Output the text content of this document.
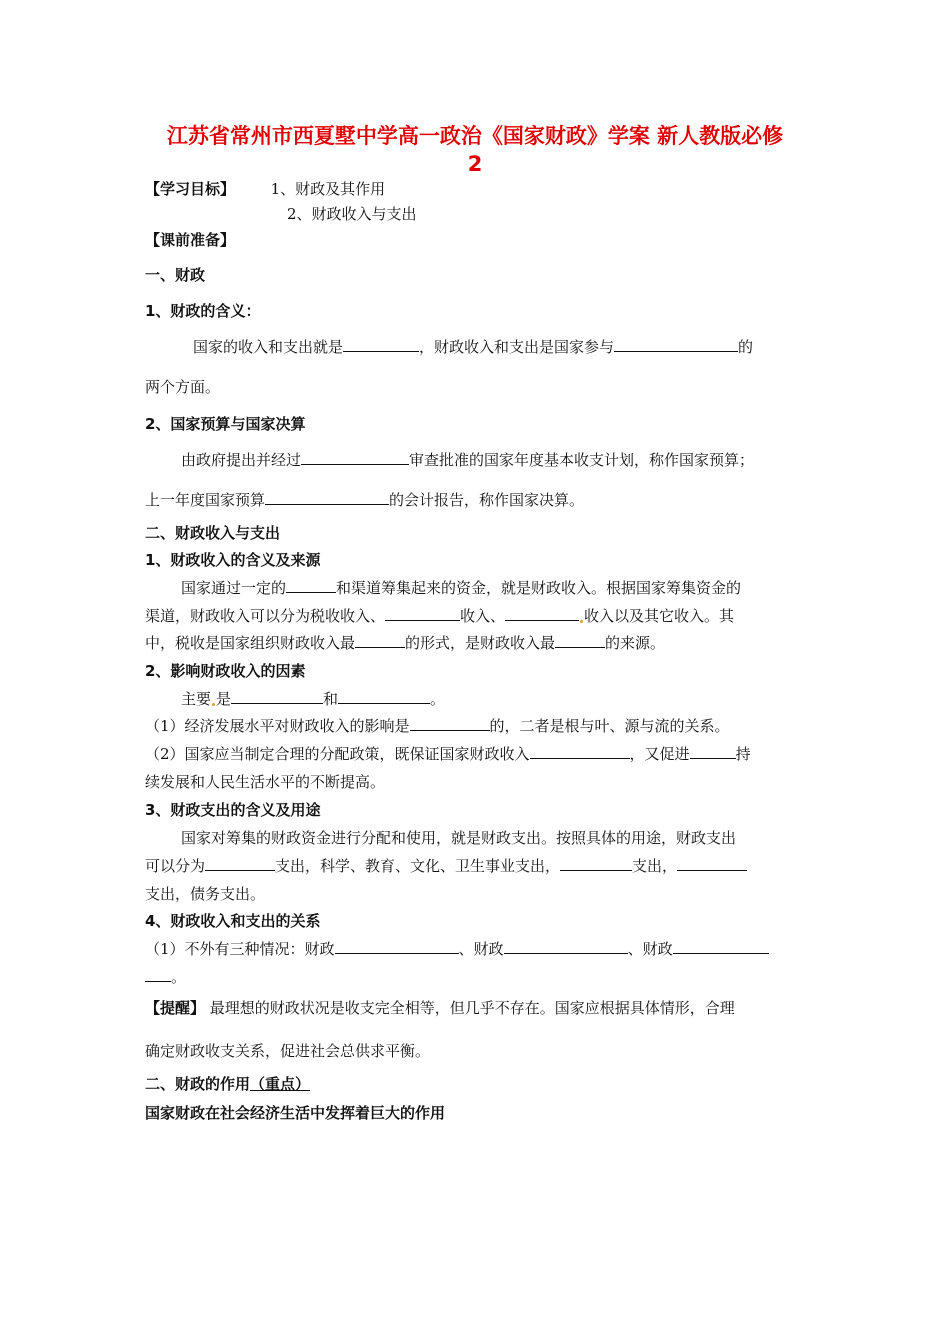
江苏省常州市西夏墅中学高一政治《国家财政》学案 新人教版必修
2
【学习目标】 1、财政及其作用
2、财政收入与支出
【课前准备】
一、财政
1、财政的含义：
国家的收入和支出就是	，财政收入和支出是国家参与	的
两个方面。
2、国家预算与国家决算
由政府提出并经过	审查批准的国家年度基本收支计划，称作国家预算；
上一年度国家预算	的会计报告，称作国家决算。
二、财政收入与支出
1、财政收入的含义及来源
国家通过一定的	和渠道筹集起来的资金，就是财政收入。根据国家筹集资金的
渠道，财政收入可以分为税收收入、	收入、	收入以及其它收入。其
中，税收是国家组织财政收入最	的形式，是财政收入最	的来源。
2、影响财政收入的因素
主要 是	和	。
（1）经济发展水平对财政收入的影响是	的，二者是根与叶、源与流的关系。
（2）国家应当制定合理的分配政策，既保证国家财政收入	，又促进	持
续发展和人民生活水平的不断提高。
3、财政支出的含义及用途
国家对筹集的财政资金进行分配和使用，就是财政支出。按照具体的用途，财政支出
可以分为	支出，科学、教育、文化、卫生事业支出，	支出，
支出，债务支出。
4、财政收入和支出的关系
（1）不外有三种情况：财政	、财政	、财政
。
【提醒】 最理想的财政状况是收支完全相等，但几乎不存在。国家应根据具体情形，合理
确定财政收支关系，促进社会总供求平衡。
二、财政的作用（重点）
国家财政在社会经济生活中发挥着巨大的作用
